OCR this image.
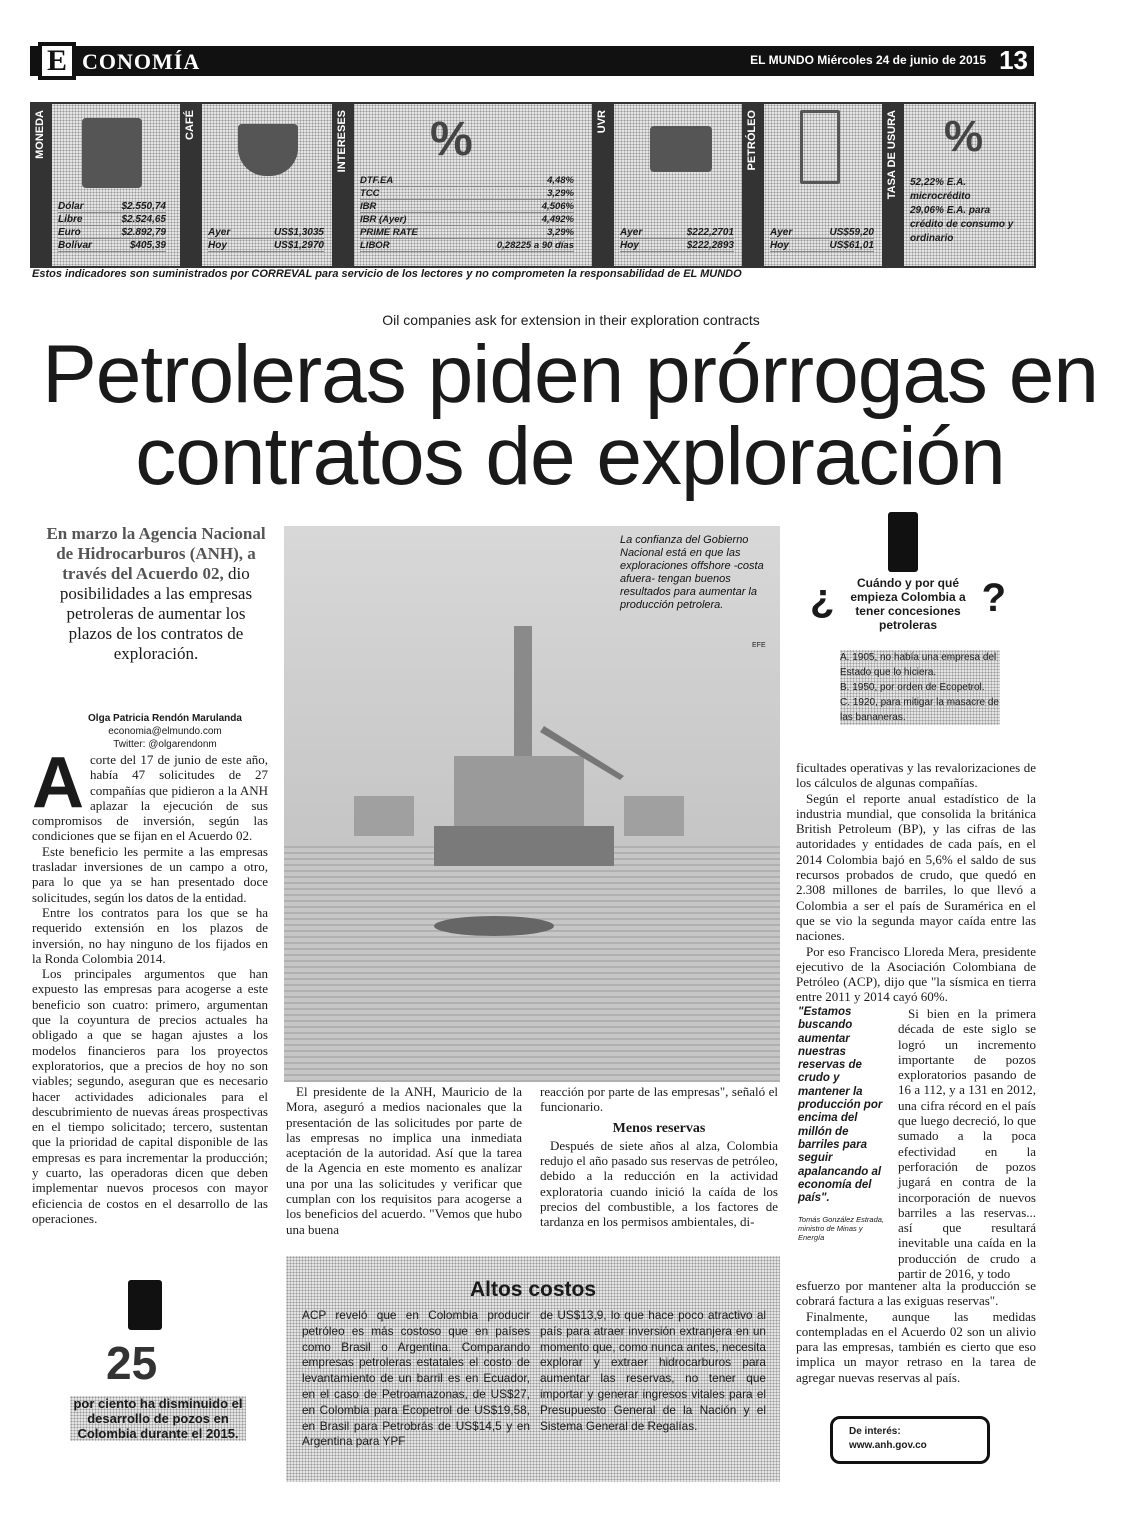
E CONOMÍA	EL MUNDO Miércoles 24 de junio de 2015 13
MONEDA
Dólar	$2.550,74
Libre	$2.524,65
Euro	$2.892,79
Bolívar	$405,39
CAFÉ
Ayer	US$1,3035
Hoy	US$1,2970
INTERESES %
DTF.EA	4,48%
TCC	3,29%
IBR	4,506%
IBR (Ayer)	4,492%
PRIME RATE	3,29%
LIBOR	0,28225 a 90 días
UVR
Ayer	$222,2701
Hoy	$222,2893
PETRÓLEO
Ayer	US$59,20
Hoy	US$61,01
TASA DE USURA %
52,22% E.A. microcrédito
29,06% E.A. para crédito de consumo y ordinario
Estos indicadores son suministrados por CORREVAL para servicio de los lectores y no comprometen la responsabilidad de EL MUNDO
Oil companies ask for extension in their exploration contracts
Petroleras piden prórrogas en contratos de exploración
En marzo la Agencia Nacional de Hidrocarburos (ANH), a través del Acuerdo 02, dio posibilidades a las empresas petroleras de aumentar los plazos de los contratos de exploración.
Olga Patricia Rendón Marulanda
economia@elmundo.com
Twitter: @olgarendonm
A corte del 17 de junio de este año, había 47 solicitudes de 27 compañías que pidieron a la ANH aplazar la ejecución de sus compromisos de inversión, según las condiciones que se fijan en el Acuerdo 02.

Este beneficio les permite a las empresas trasladar inversiones de un campo a otro, para lo que ya se han presentado doce solicitudes, según los datos de la entidad.

Entre los contratos para los que se ha requerido extensión en los plazos de inversión, no hay ninguno de los fijados en la Ronda Colombia 2014.

Los principales argumentos que han expuesto las empresas para acogerse a este beneficio son cuatro: primero, argumentan que la coyuntura de precios actuales ha obligado a que se hagan ajustes a los modelos financieros para los proyectos exploratorios, que a precios de hoy no son viables; segundo, aseguran que es necesario hacer actividades adicionales para el descubrimiento de nuevas áreas prospectivas en el tiempo solicitado; tercero, sustentan que la prioridad de capital disponible de las empresas es para incrementar la producción; y cuarto, las operadoras dicen que deben implementar nuevos procesos con mayor eficiencia de costos en el desarrollo de las operaciones.

La confianza del Gobierno Nacional está en que las exploraciones offshore -costa afuera- tengan buenos resultados para aumentar la producción petrolera.
EFE

El presidente de la ANH, Mauricio de la Mora, aseguró a medios nacionales que la presentación de las solicitudes por parte de las empresas no implica una inmediata aceptación de la autoridad. Así que la tarea de la Agencia en este momento es analizar una por una las solicitudes y verificar que cumplan con los requisitos para acogerse a los beneficios del acuerdo. "Vemos que hubo una buena

reacción por parte de las empresas", señaló el funcionario.

Menos reservas

Después de siete años al alza, Colombia redujo el año pasado sus reservas de petróleo, debido a la reducción en la actividad exploratoria cuando inició la caída de los precios del combustible, a los factores de tardanza en los permisos ambientales, di-

¿	?
Cuándo y por qué empieza Colombia a tener concesiones petroleras
A. 1905, no había una empresa del Estado que lo hiciera.
B. 1950, por orden de Ecopetrol.
C. 1920, para mitigar la masacre de las bananeras.

ficultades operativas y las revalorizaciones de los cálculos de algunas compañías.

Según el reporte anual estadístico de la industria mundial, que consolida la británica British Petroleum (BP), y las cifras de las autoridades y entidades de cada país, en el 2014 Colombia bajó en 5,6% el saldo de sus recursos probados de crudo, que quedó en 2.308 millones de barriles, lo que llevó a Colombia a ser el país de Suramérica en el que se vio la segunda mayor caída entre las naciones.

Por eso Francisco Lloreda Mera, presidente ejecutivo de la Asociación Colombiana de Petróleo (ACP), dijo que "la sísmica en tierra entre 2011 y 2014 cayó 60%.

"Estamos buscando aumentar nuestras reservas de crudo y mantener la producción por encima del millón de barriles para seguir apalancando al economía del país".
Tomás González Estrada, ministro de Minas y Energía

Si bien en la primera década de este siglo se logró un incremento importante de pozos exploratorios pasando de 16 a 112, y a 131 en 2012, una cifra récord en el país que luego decreció, lo que sumado a la poca efectividad en la perforación de pozos jugará en contra de la incorporación de nuevos barriles a las reservas... así que resultará inevitable una caída en la producción de crudo a partir de 2016, y todo

esfuerzo por mantener alta la producción se cobrará factura a las exiguas reservas".

Finalmente, aunque las medidas contempladas en el Acuerdo 02 son un alivio para las empresas, también es cierto que eso implica un mayor retraso en la tarea de agregar nuevas reservas al país.

De interés:
www.anh.gov.co
Altos costos
ACP reveló que en Colombia producir petróleo es más costoso que en países como Brasil o Argentina. Comparando empresas petroleras estatales el costo de levantamiento de un barril es en Ecuador, en el caso de Petroamazonas, de US$27, en Colombia para Ecopetrol de US$19,58, en Brasil para Petrobrás de US$14,5 y en Argentina para YPF
de US$13,9, lo que hace poco atractivo al país para atraer inversión extranjera en un momento que, como nunca antes, necesita explorar y extraer hidrocarburos para aumentar las reservas, no tener que importar y generar ingresos vitales para el Presupuesto General de la Nación y el Sistema General de Regalías.
25
por ciento ha disminuido el desarrollo de pozos en Colombia durante el 2015.
